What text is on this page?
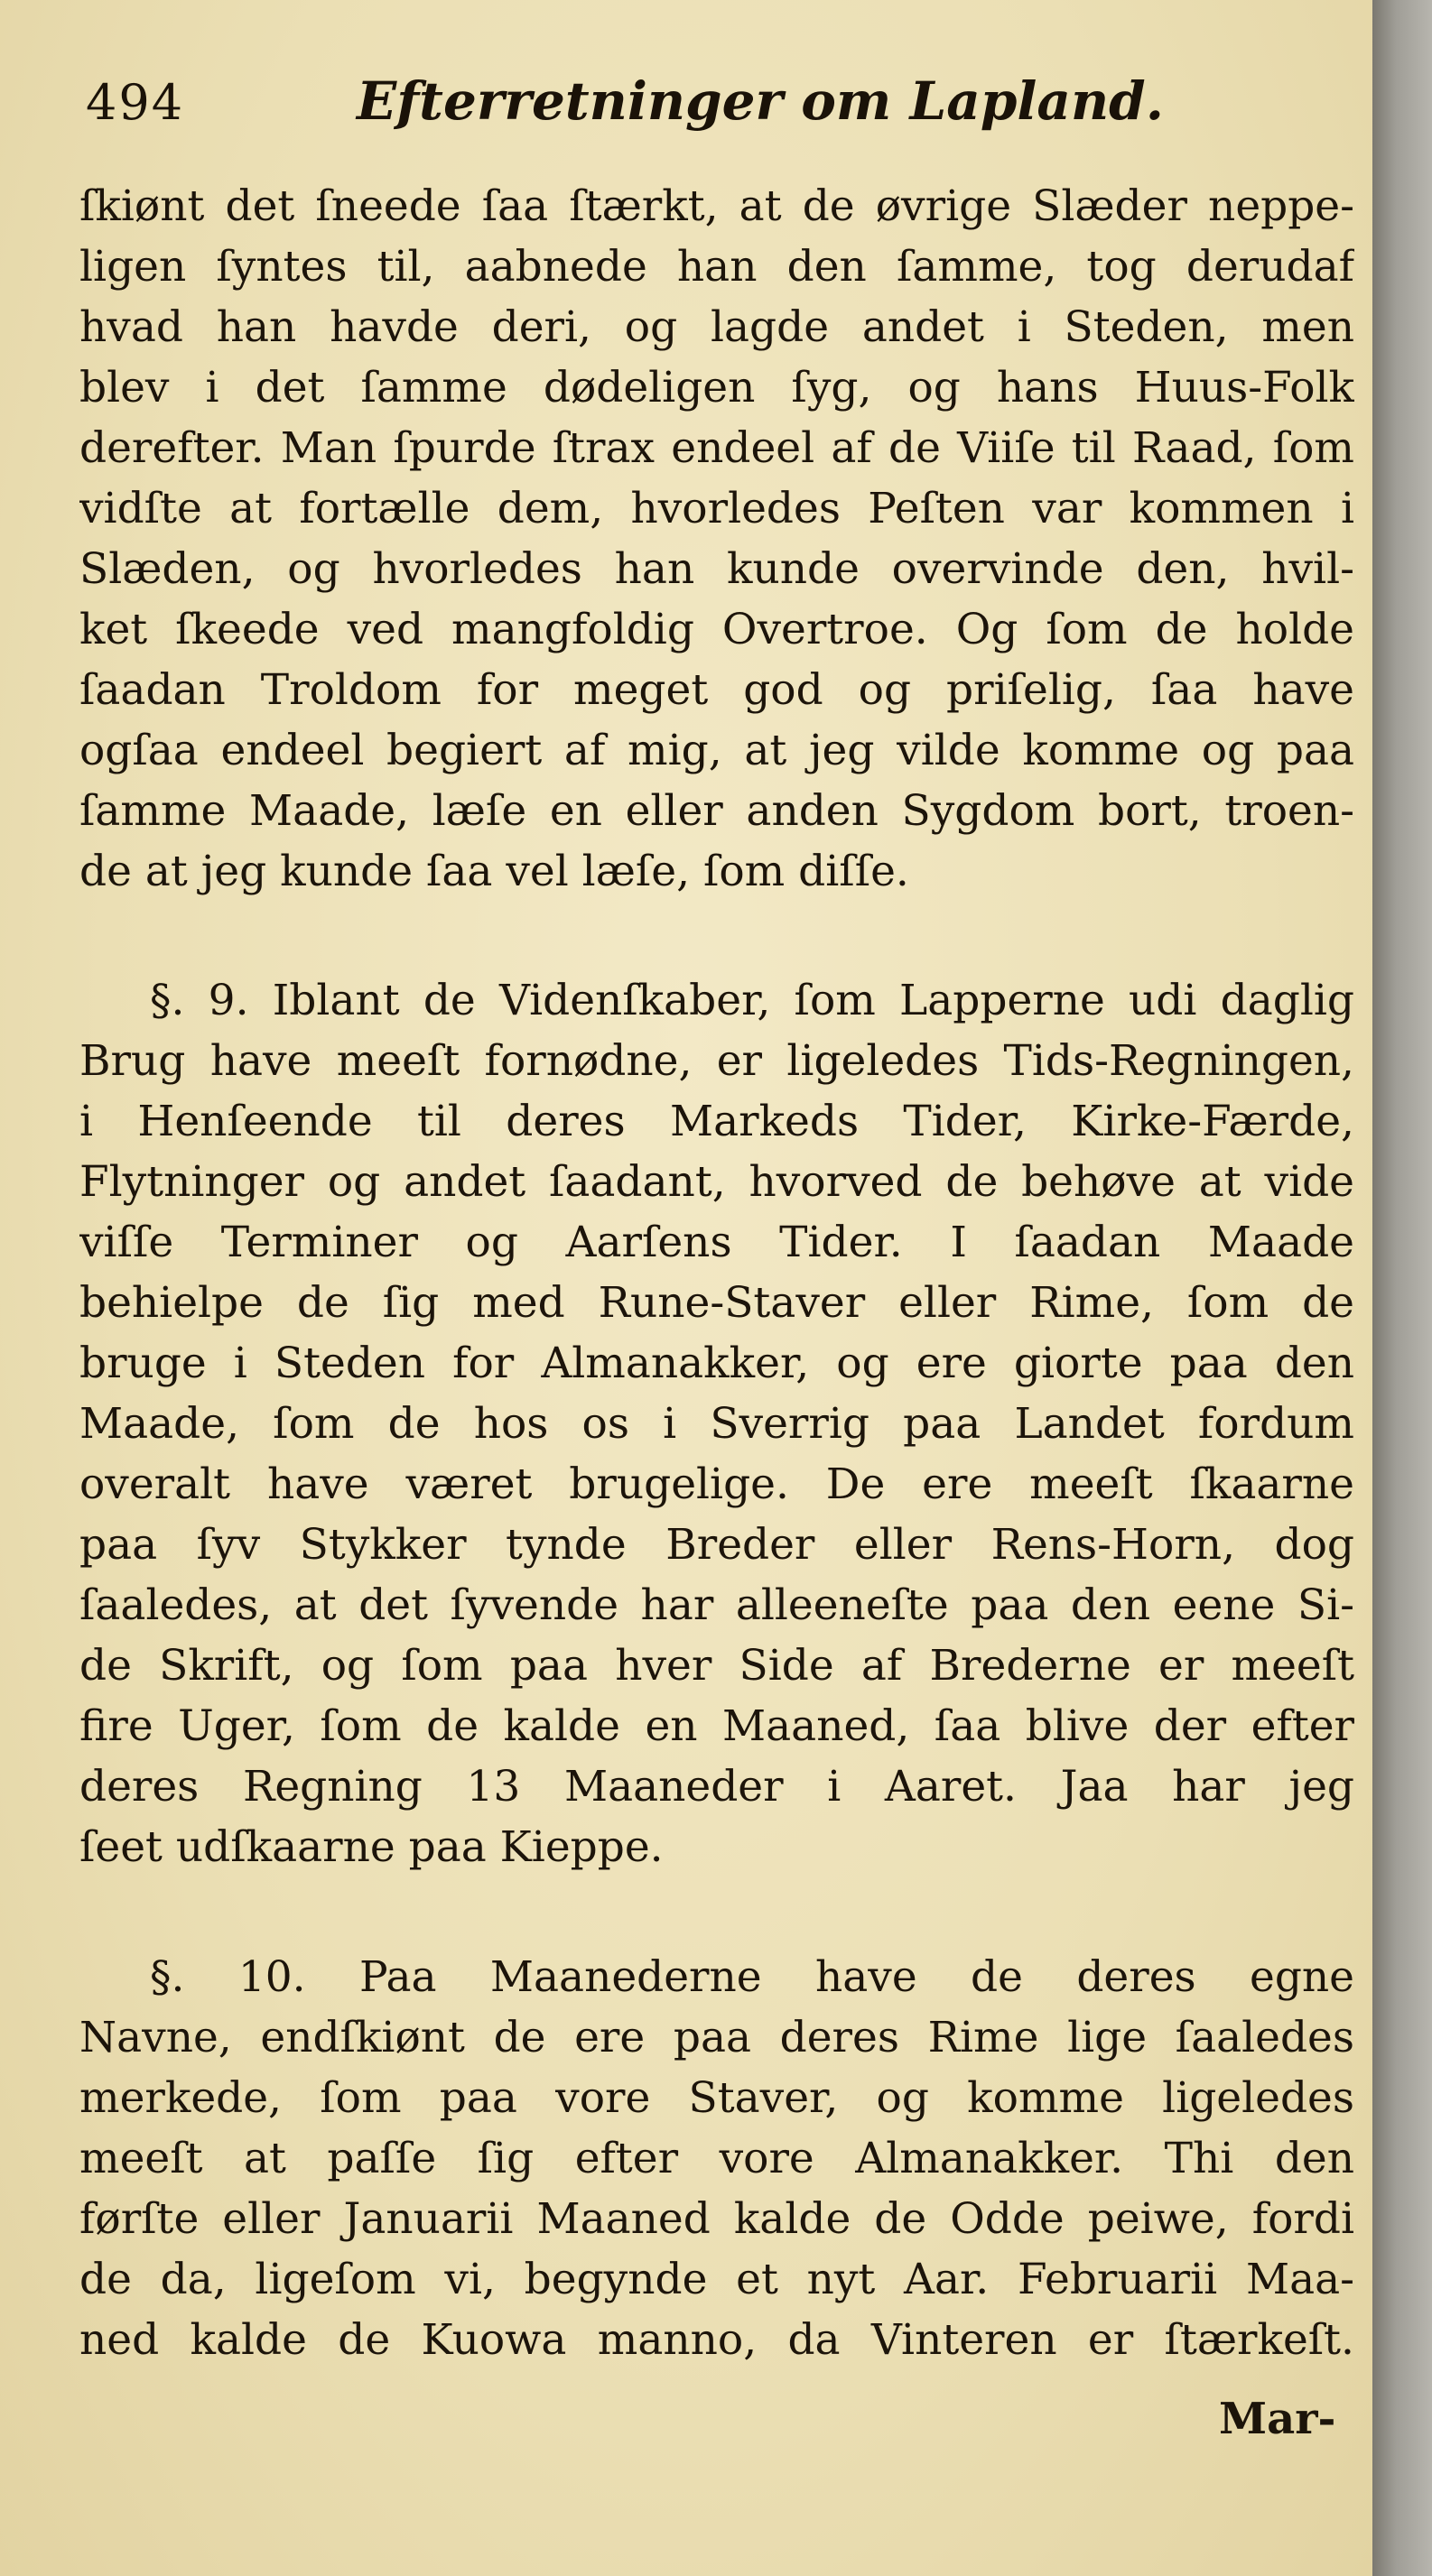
494	Efterretninger om Lapland.
ſkiønt det ſneede ſaa ſtærkt, at de øvrige Slæder neppe-
ligen ſyntes til, aabnede han den ſamme, tog derudaf
hvad han havde deri, og lagde andet i Steden, men
blev i det ſamme dødeligen ſyg, og hans Huus-Folk
derefter. Man ſpurde ſtrax endeel af de Viiſe til Raad, ſom
vidſte at fortælle dem, hvorledes Peſten var kommen i
Slæden, og hvorledes han kunde overvinde den, hvil-
ket ſkeede ved mangfoldig Overtroe. Og ſom de holde
ſaadan Troldom for meget god og priſelig, ſaa have
ogſaa endeel begiert af mig, at jeg vilde komme og paa
ſamme Maade, læſe en eller anden Sygdom bort, troen-
de at jeg kunde ſaa vel læſe, ſom diſſe.
§. 9. Iblant de Videnſkaber, ſom Lapperne udi daglig
Brug have meeſt fornødne, er ligeledes Tids-Regningen,
i Henſeende til deres Markeds Tider, Kirke-Færde,
Flytninger og andet ſaadant, hvorved de behøve at vide
viſſe Terminer og Aarſens Tider. I ſaadan Maade
behielpe de ſig med Rune-Staver eller Rime, ſom de
bruge i Steden for Almanakker, og ere giorte paa den
Maade, ſom de hos os i Sverrig paa Landet fordum
overalt have været brugelige. De ere meeſt ſkaarne
paa ſyv Stykker tynde Breder eller Rens-Horn, dog
ſaaledes, at det ſyvende har alleeneſte paa den eene Si-
de Skrift, og ſom paa hver Side af Brederne er meeſt
fire Uger, ſom de kalde en Maaned, ſaa blive der efter
deres Regning 13 Maaneder i Aaret. Jaa har jeg
ſeet udſkaarne paa Kieppe.
§. 10. Paa Maanederne have de deres egne
Navne, endſkiønt de ere paa deres Rime lige ſaaledes
merkede, ſom paa vore Staver, og komme ligeledes
meeſt at paſſe ſig efter vore Almanakker. Thi den
førſte eller Januarii Maaned kalde de Odde peiwe, fordi
de da, ligeſom vi, begynde et nyt Aar. Februarii Maa-
ned kalde de Kuowa manno, da Vinteren er ſtærkeſt.
Mar-
